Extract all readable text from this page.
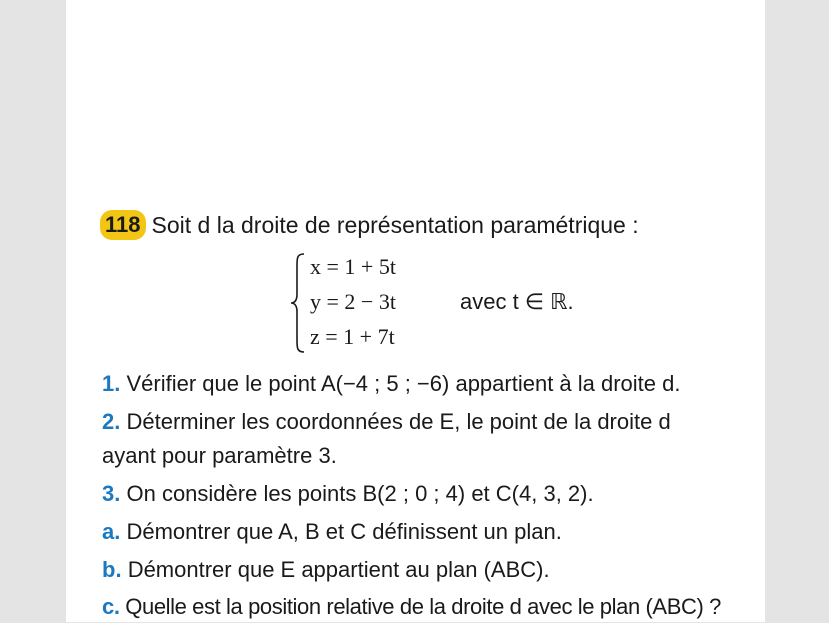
118 Soit d la droite de représentation paramétrique :
x = 1 + 5t
y = 2 − 3t
z = 1 + 7t
avec t ∈ ℝ.
1. Vérifier que le point A(−4 ; 5 ; −6) appartient à la droite d.
2. Déterminer les coordonnées de E, le point de la droite d
ayant pour paramètre 3.
3. On considère les points B(2 ; 0 ; 4) et C(4, 3, 2).
a. Démontrer que A, B et C définissent un plan.
b. Démontrer que E appartient au plan (ABC).
c. Quelle est la position relative de la droite d avec le plan (ABC) ?
